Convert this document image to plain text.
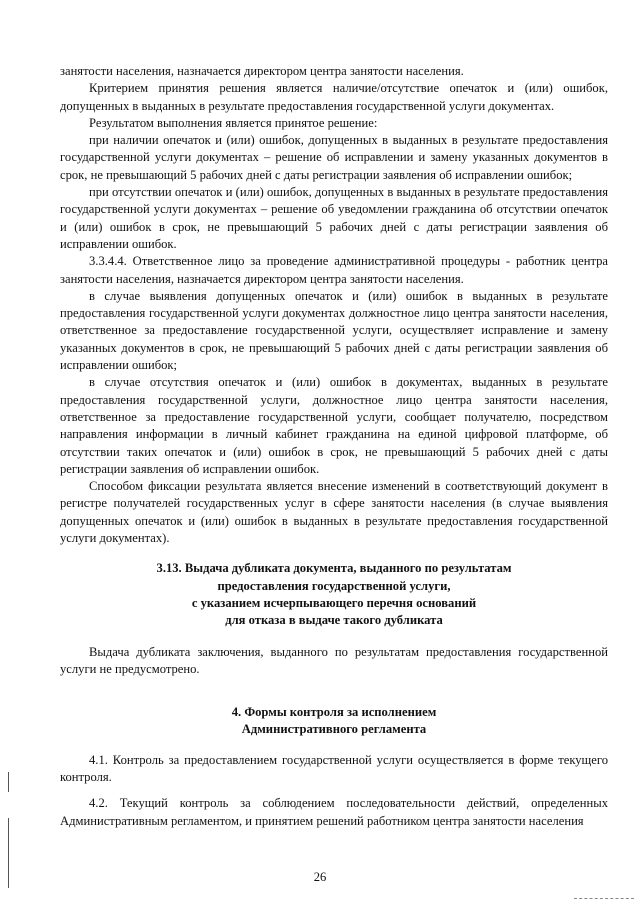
занятости населения, назначается директором центра занятости населения.

Критерием принятия решения является наличие/отсутствие опечаток и (или) ошибок, допущенных в выданных в результате предоставления государственной услуги документах.

Результатом выполнения является принятое решение:

при наличии опечаток и (или) ошибок, допущенных в выданных в результате предоставления государственной услуги документах – решение об исправлении и замену указанных документов в срок, не превышающий 5 рабочих дней с даты регистрации заявления об исправлении ошибок;

при отсутствии опечаток и (или) ошибок, допущенных в выданных в результате предоставления государственной услуги документах – решение об уведомлении гражданина об отсутствии опечаток и (или) ошибок в срок, не превышающий 5 рабочих дней с даты регистрации заявления об исправлении ошибок.

3.3.4.4. Ответственное лицо за проведение административной процедуры - работник центра занятости населения, назначается директором центра занятости населения.

в случае выявления допущенных опечаток и (или) ошибок в выданных в результате предоставления государственной услуги документах должностное лицо центра занятости населения, ответственное за предоставление государственной услуги, осуществляет исправление и замену указанных документов в срок, не превышающий 5 рабочих дней с даты регистрации заявления об исправлении ошибок;

в случае отсутствия опечаток и (или) ошибок в документах, выданных в результате предоставления государственной услуги, должностное лицо центра занятости населения, ответственное за предоставление государственной услуги, сообщает получателю, посредством направления информации в личный кабинет гражданина на единой цифровой платформе, об отсутствии таких опечаток и (или) ошибок в срок, не превышающий 5 рабочих дней с даты регистрации заявления об исправлении ошибок.

Способом фиксации результата является внесение изменений в соответствующий документ в регистре получателей государственных услуг в сфере занятости населения (в случае выявления допущенных опечаток и (или) ошибок в выданных в результате предоставления государственной услуги документах).

3.13. Выдача дубликата документа, выданного по результатам
предоставления государственной услуги,
с указанием исчерпывающего перечня оснований
для отказа в выдаче такого дубликата

Выдача дубликата заключения, выданного по результатам предоставления государственной услуги не предусмотрено.

4. Формы контроля за исполнением
Административного регламента

4.1. Контроль за предоставлением государственной услуги осуществляется в форме текущего контроля.

4.2. Текущий контроль за соблюдением последовательности действий, определенных Административным регламентом, и принятием решений работником центра занятости населения

26
